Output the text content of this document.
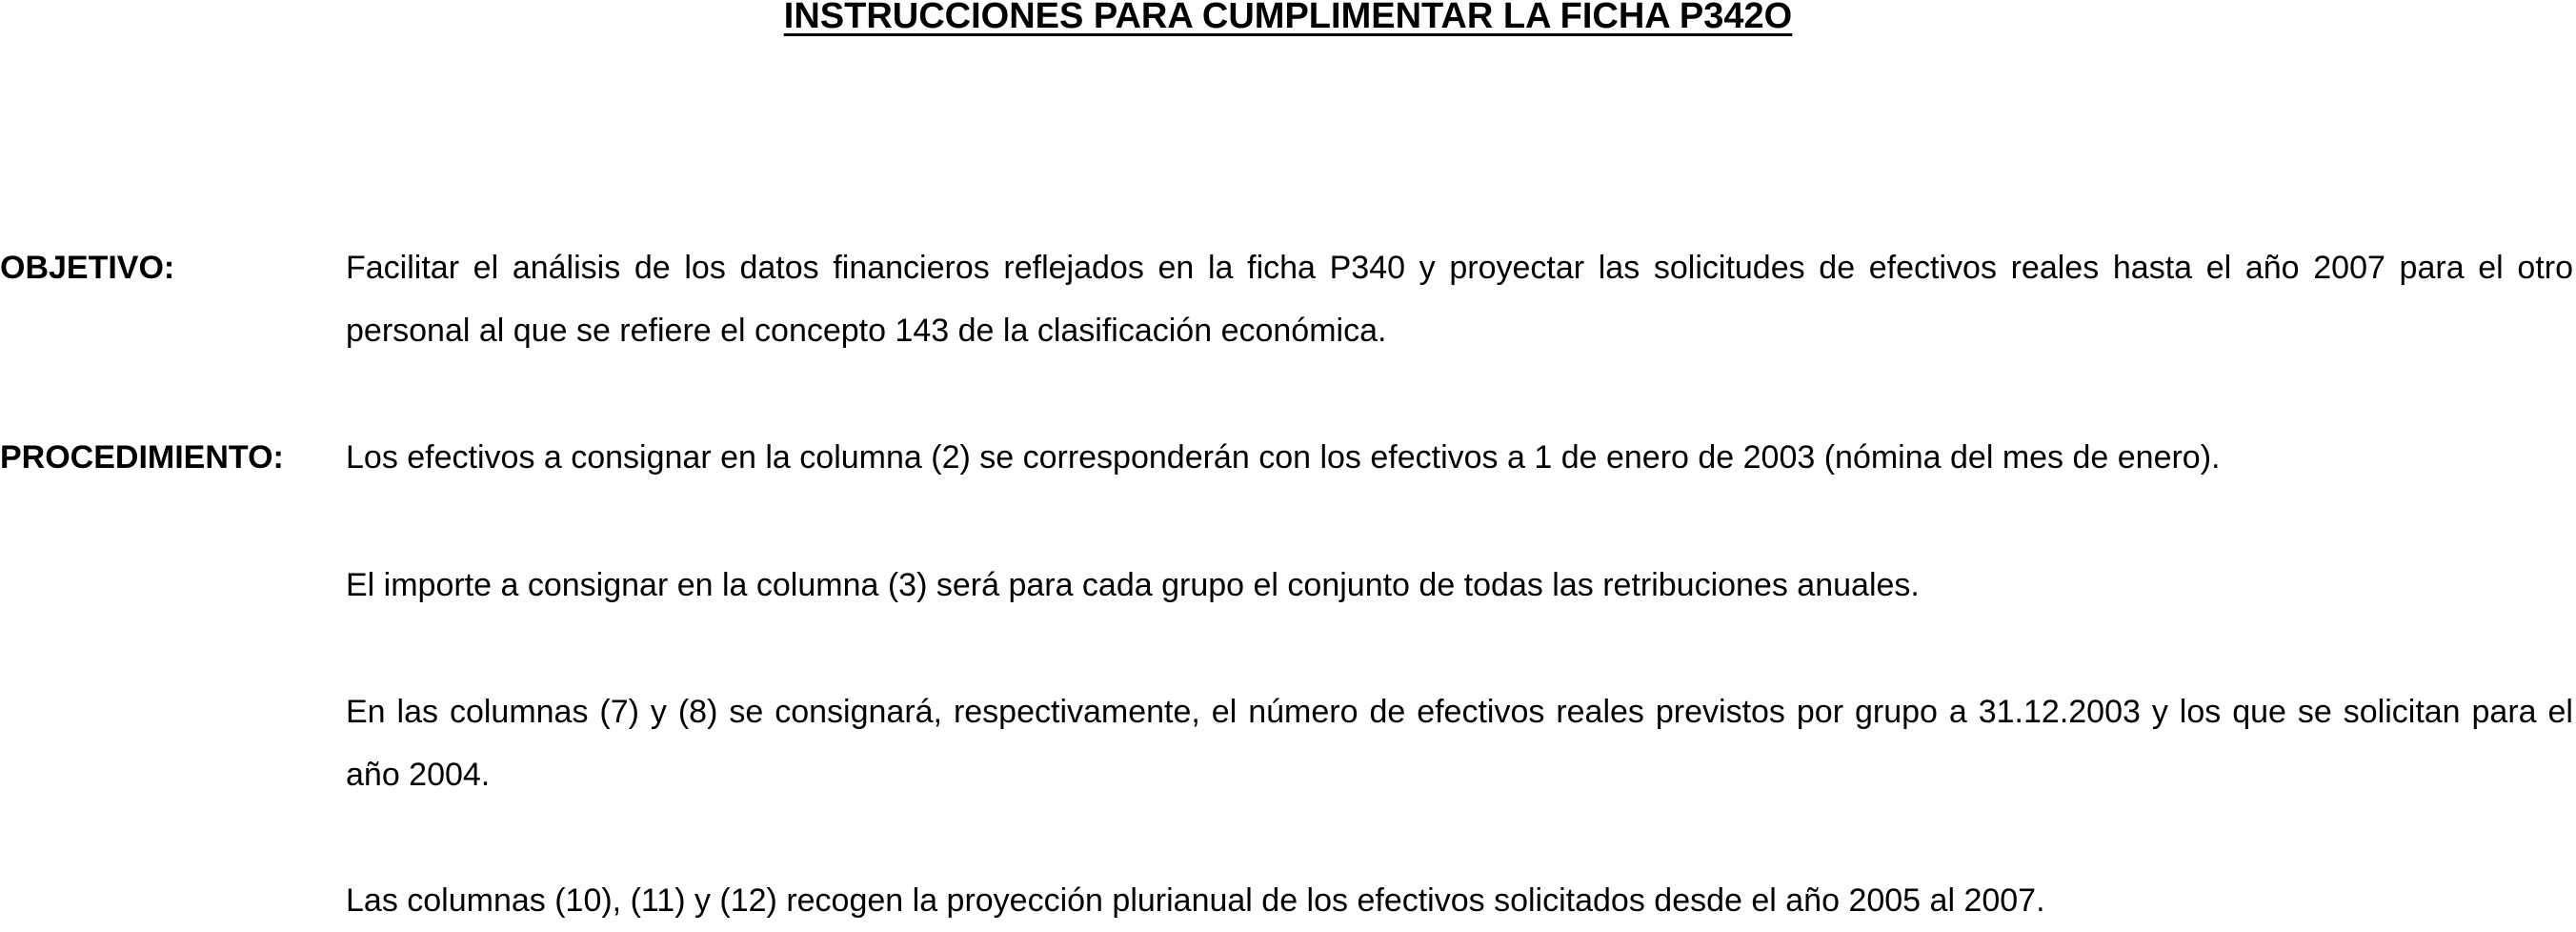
INSTRUCCIONES PARA CUMPLIMENTAR LA FICHA P342O
OBJETIVO:	Facilitar el análisis de los datos financieros reflejados en la ficha P340 y proyectar las solicitudes de efectivos reales hasta el año 2007 para el otro personal al que se refiere el concepto 143 de la clasificación económica.
PROCEDIMIENTO: Los efectivos a consignar en la columna (2) se corresponderán con los efectivos a 1 de enero de 2003 (nómina del mes de enero).
El importe a consignar en la columna (3) será para cada grupo el conjunto de todas las retribuciones anuales.
En las columnas (7) y (8) se consignará, respectivamente, el número de efectivos reales previstos por grupo a 31.12.2003 y los que se solicitan para el año 2004.
Las columnas (10), (11) y (12) recogen la proyección plurianual de los efectivos solicitados desde el año 2005 al 2007.
